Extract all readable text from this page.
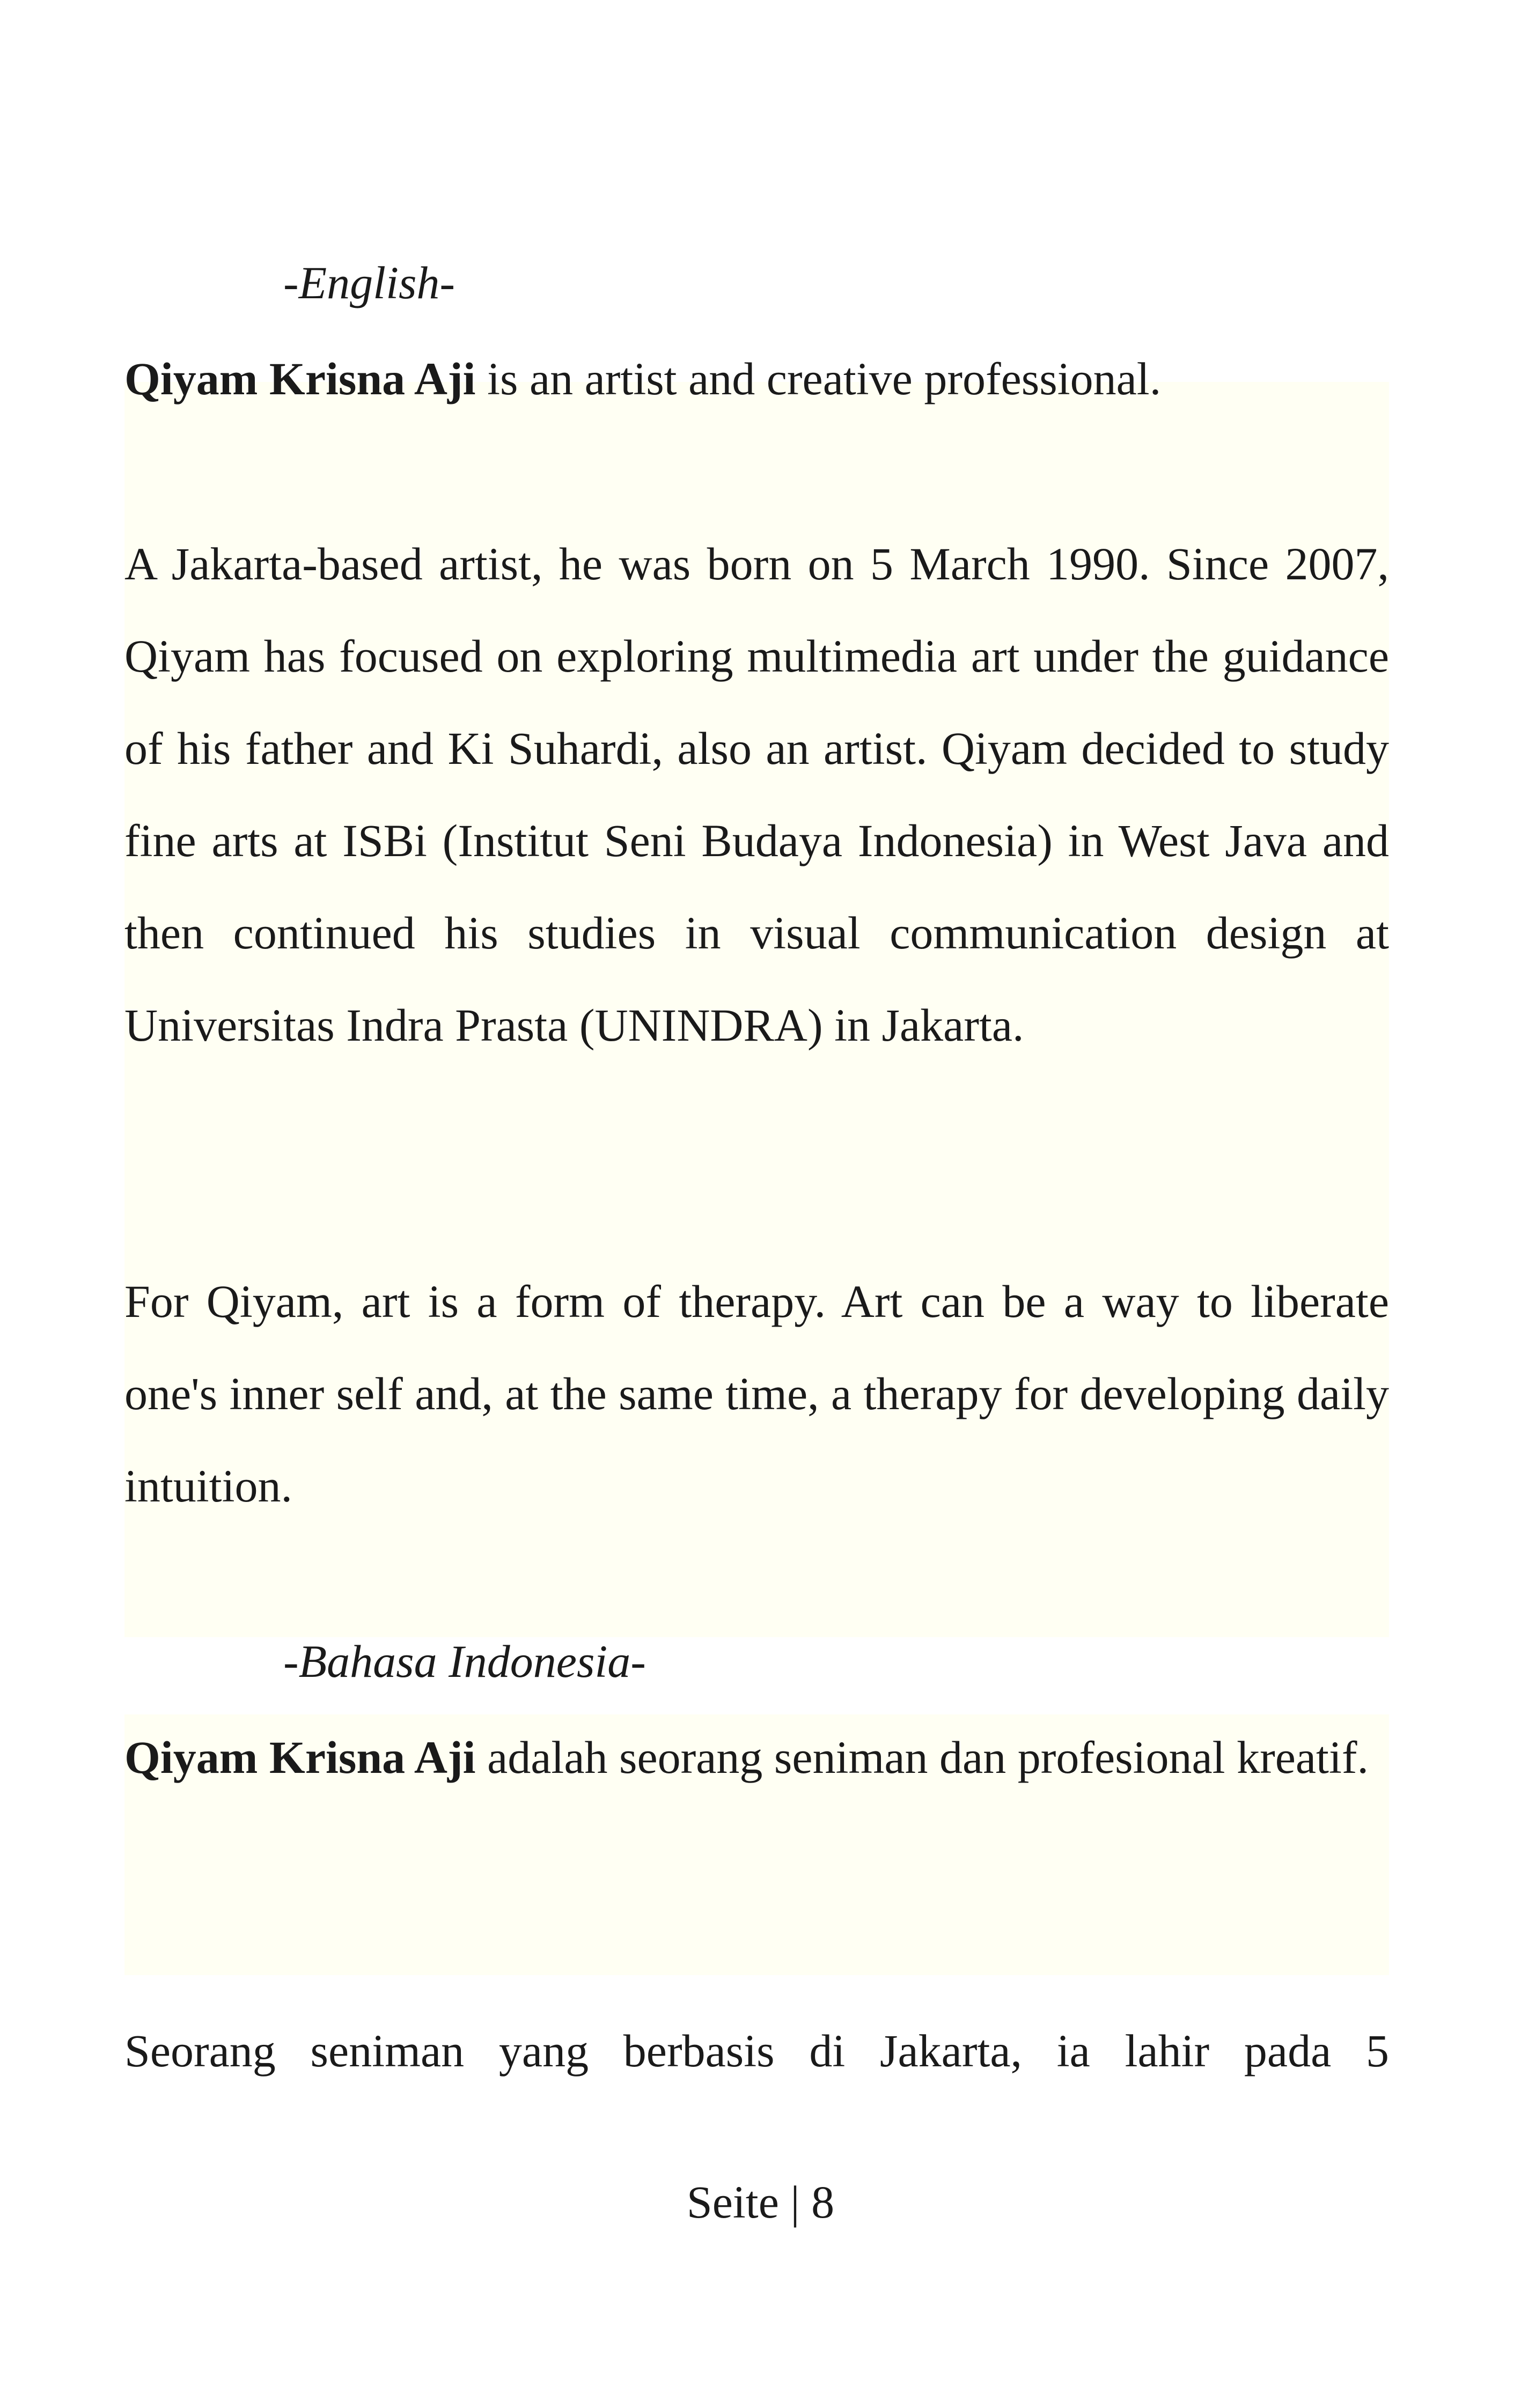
-English-

Qiyam Krisna Aji is an artist and creative professional.

A Jakarta-based artist, he was born on 5 March 1990. Since 2007, Qiyam has focused on exploring multimedia art under the guidance of his father and Ki Suhardi, also an artist. Qiyam decided to study fine arts at ISBi (Institut Seni Budaya Indonesia) in West Java and then continued his studies in visual communication design at Universitas Indra Prasta (UNINDRA) in Jakarta.

For Qiyam, art is a form of therapy. Art can be a way to liberate one's inner self and, at the same time, a therapy for developing daily intuition.

-Bahasa Indonesia-

Qiyam Krisna Aji adalah seorang seniman dan profesional kreatif.

Seorang seniman yang berbasis di Jakarta, ia lahir pada 5

Seite | 8
